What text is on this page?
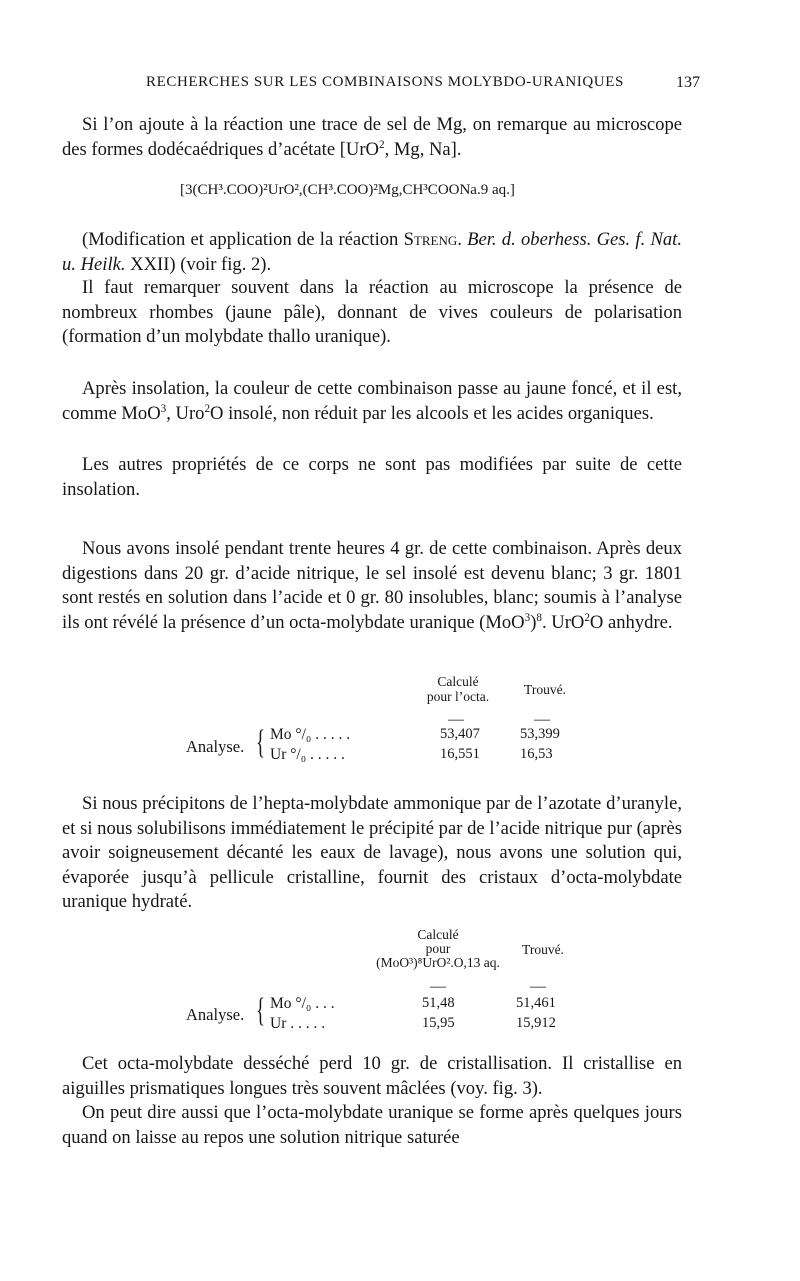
RECHERCHES SUR LES COMBINAISONS MOLYBDO-URANIQUES	137

Si l’on ajoute à la réaction une trace de sel de Mg, on remarque au microscope des formes dodécaédriques d’acétate [UrO$^2$, Mg, Na].

[3(CH³.COO)²UrO²,(CH³.COO)²Mg,CH³COONa.9 aq.]

(Modification et application de la réaction Streng. Ber. d. oberhess. Ges. f. Nat. u. Heilk. XXII) (voir fig. 2).

Il faut remarquer souvent dans la réaction au microscope la présence de nombreux rhombes (jaune pâle), donnant de vives couleurs de polarisation (formation d’un molybdate thallo uranique).

Après insolation, la couleur de cette combinaison passe au jaune foncé, et il est, comme MoO$^3$, Uro$^2$O insolé, non réduit par les alcools et les acides organiques.

Les autres propriétés de ce corps ne sont pas modifiées par suite de cette insolation.

Nous avons insolé pendant trente heures 4 gr. de cette combinaison. Après deux digestions dans 20 gr. d’acide nitrique, le sel insolé est devenu blanc; 3 gr. 1801 sont restés en solution dans l’acide et 0 gr. 80 insolubles, blanc; soumis à l’analyse ils ont révélé la présence d’un octa-molybdate uranique $(MoO^3)^8$. UrO$^2$O anhydre.

Calculé
pour l’octa.	Trouvé.
—	—
Analyse. { Mo °/₀ . . . . .	53,407	53,399
Ur °/₀ . . . . .	16,551	16,53

Si nous précipitons de l’hepta-molybdate ammonique par de l’azotate d’uranyle, et si nous solubilisons immédiatement le précipité par de l’acide nitrique pur (après avoir soigneusement décanté les eaux de lavage), nous avons une solution qui, évaporée jusqu’à pellicule cristalline, fournit des cristaux d’octa-molybdate uranique hydraté.

Calculé
pour
(MoO³)⁸UrO².O,13 aq.
Trouvé.
—	—
Analyse. { Mo °/₀ . . .	51,48	51,461
Ur . . . . .	15,95	15,912

Cet octa-molybdate desséché perd 10 gr. de cristallisation. Il cristallise en aiguilles prismatiques longues très souvent mâclées (voy. fig. 3).

On peut dire aussi que l’octa-molybdate uranique se forme après quelques jours quand on laisse au repos une solution nitrique saturée
